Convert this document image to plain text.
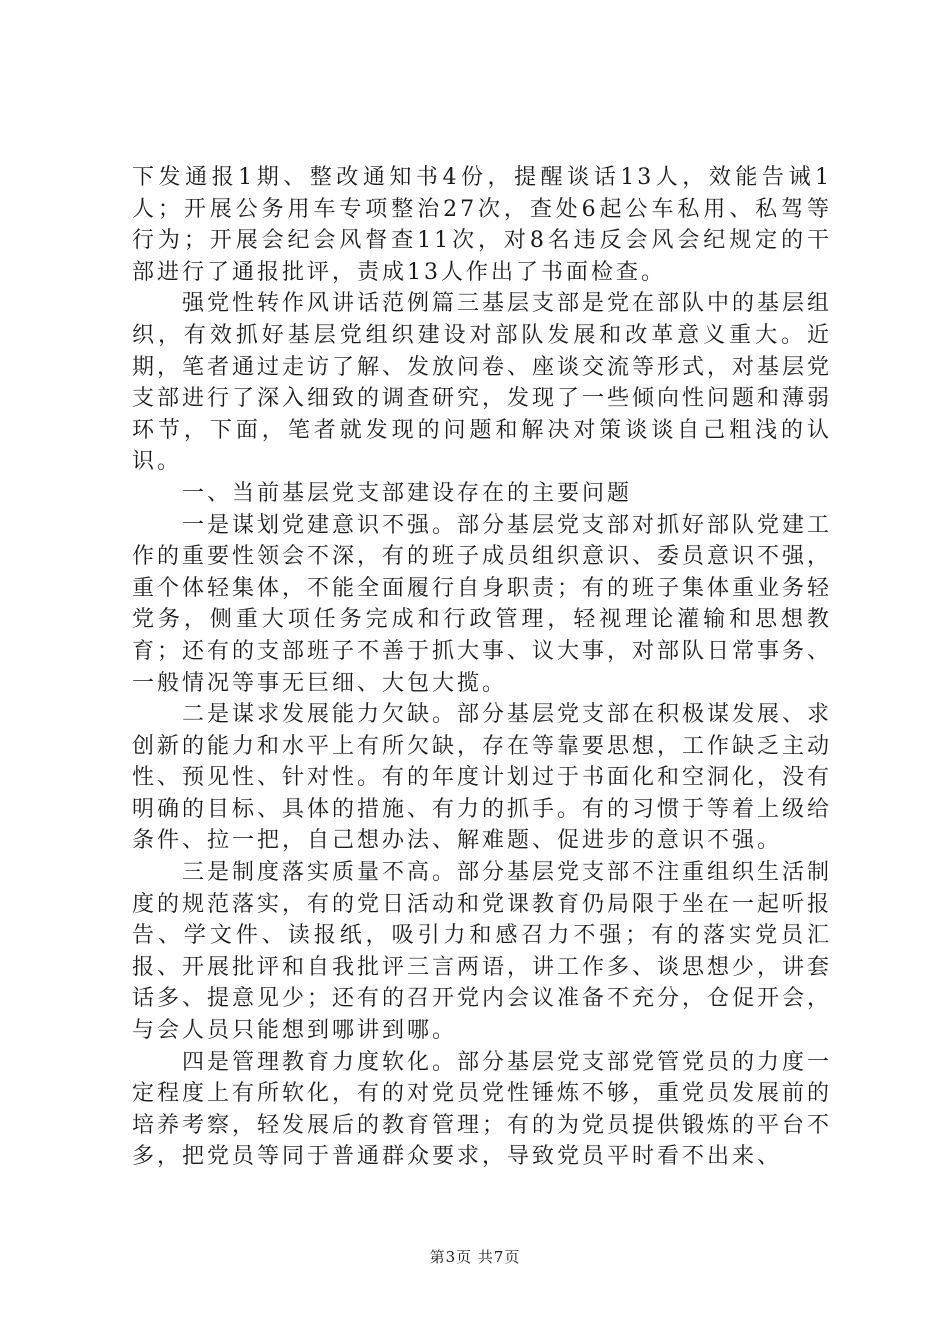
下发通报1期、整改通知书4份，提醒谈话13人，效能告诫1人；开展公务用车专项整治27次，查处6起公车私用、私驾等行为；开展会纪会风督查11次，对8名违反会风会纪规定的干部进行了通报批评，责成13人作出了书面检查。

强党性转作风讲话范例篇三基层支部是党在部队中的基层组织，有效抓好基层党组织建设对部队发展和改革意义重大。近期，笔者通过走访了解、发放问卷、座谈交流等形式，对基层党支部进行了深入细致的调查研究，发现了一些倾向性问题和薄弱环节，下面，笔者就发现的问题和解决对策谈谈自己粗浅的认识。

一、当前基层党支部建设存在的主要问题

一是谋划党建意识不强。部分基层党支部对抓好部队党建工作的重要性领会不深，有的班子成员组织意识、委员意识不强，重个体轻集体，不能全面履行自身职责；有的班子集体重业务轻党务，侧重大项任务完成和行政管理，轻视理论灌输和思想教育；还有的支部班子不善于抓大事、议大事，对部队日常事务、一般情况等事无巨细、大包大揽。

二是谋求发展能力欠缺。部分基层党支部在积极谋发展、求创新的能力和水平上有所欠缺，存在等靠要思想，工作缺乏主动性、预见性、针对性。有的年度计划过于书面化和空洞化，没有明确的目标、具体的措施、有力的抓手。有的习惯于等着上级给条件、拉一把，自己想办法、解难题、促进步的意识不强。

三是制度落实质量不高。部分基层党支部不注重组织生活制度的规范落实，有的党日活动和党课教育仍局限于坐在一起听报告、学文件、读报纸，吸引力和感召力不强；有的落实党员汇报、开展批评和自我批评三言两语，讲工作多、谈思想少，讲套话多、提意见少；还有的召开党内会议准备不充分，仓促开会，与会人员只能想到哪讲到哪。

四是管理教育力度软化。部分基层党支部党管党员的力度一定程度上有所软化，有的对党员党性锤炼不够，重党员发展前的培养考察，轻发展后的教育管理；有的为党员提供锻炼的平台不多，把党员等同于普通群众要求，导致党员平时看不出来、

第3页 共7页
